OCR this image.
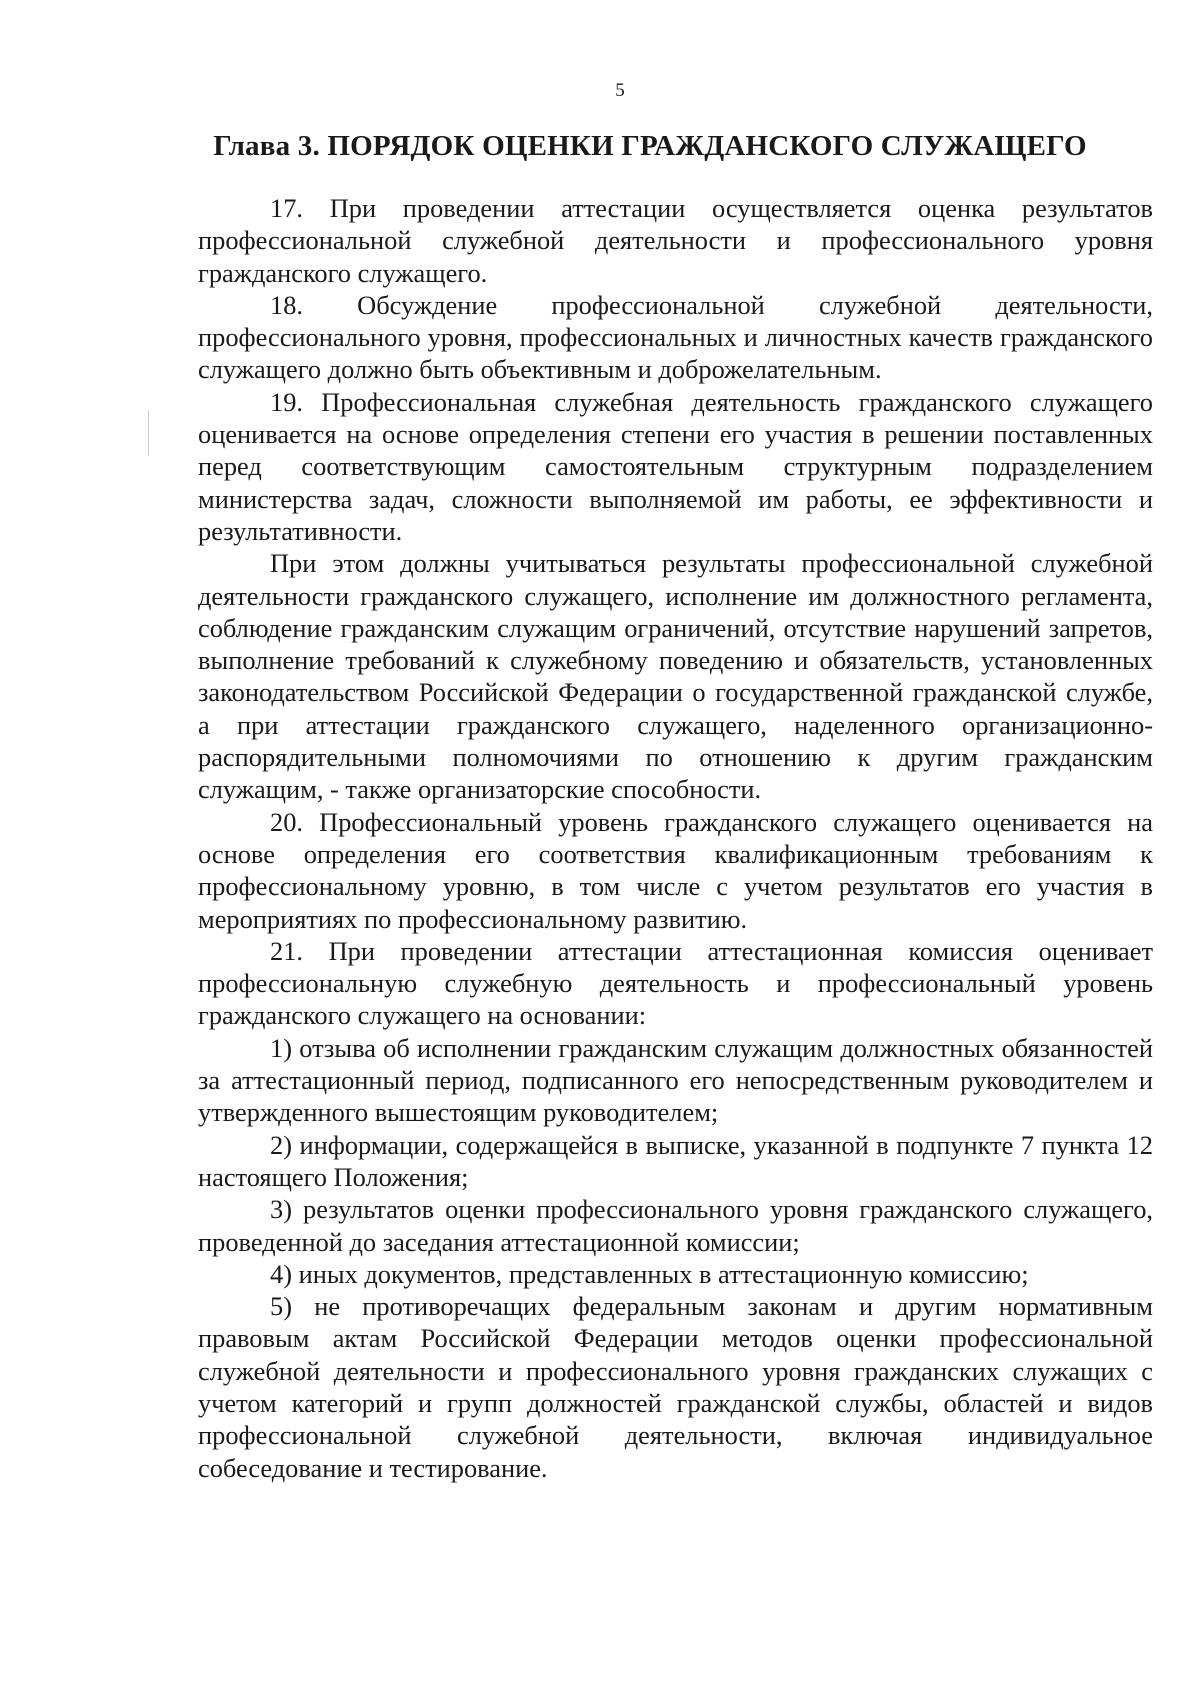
5
Глава 3. ПОРЯДОК ОЦЕНКИ ГРАЖДАНСКОГО СЛУЖАЩЕГО

17. При проведении аттестации осуществляется оценка результатов профессиональной служебной деятельности и профессионального уровня гражданского служащего.

18. Обсуждение профессиональной служебной деятельности, профессионального уровня, профессиональных и личностных качеств гражданского служащего должно быть объективным и доброжелательным.

19. Профессиональная служебная деятельность гражданского служащего оценивается на основе определения степени его участия в решении поставленных перед соответствующим самостоятельным структурным подразделением министерства задач, сложности выполняемой им работы, ее эффективности и результативности.

При этом должны учитываться результаты профессиональной служебной деятельности гражданского служащего, исполнение им должностного регламента, соблюдение гражданским служащим ограничений, отсутствие нарушений запретов, выполнение требований к служебному поведению и обязательств, установленных законодательством Российской Федерации о государственной гражданской службе, а при аттестации гражданского служащего, наделенного организационно-распорядительными полномочиями по отношению к другим гражданским служащим, - также организаторские способности.

20. Профессиональный уровень гражданского служащего оценивается на основе определения его соответствия квалификационным требованиям к профессиональному уровню, в том числе с учетом результатов его участия в мероприятиях по профессиональному развитию.

21. При проведении аттестации аттестационная комиссия оценивает профессиональную служебную деятельность и профессиональный уровень гражданского служащего на основании:

1) отзыва об исполнении гражданским служащим должностных обязанностей за аттестационный период, подписанного его непосредственным руководителем и утвержденного вышестоящим руководителем;

2) информации, содержащейся в выписке, указанной в подпункте 7 пункта 12 настоящего Положения;

3) результатов оценки профессионального уровня гражданского служащего, проведенной до заседания аттестационной комиссии;

4) иных документов, представленных в аттестационную комиссию;

5) не противоречащих федеральным законам и другим нормативным правовым актам Российской Федерации методов оценки профессиональной служебной деятельности и профессионального уровня гражданских служащих с учетом категорий и групп должностей гражданской службы, областей и видов профессиональной служебной деятельности, включая индивидуальное собеседование и тестирование.
